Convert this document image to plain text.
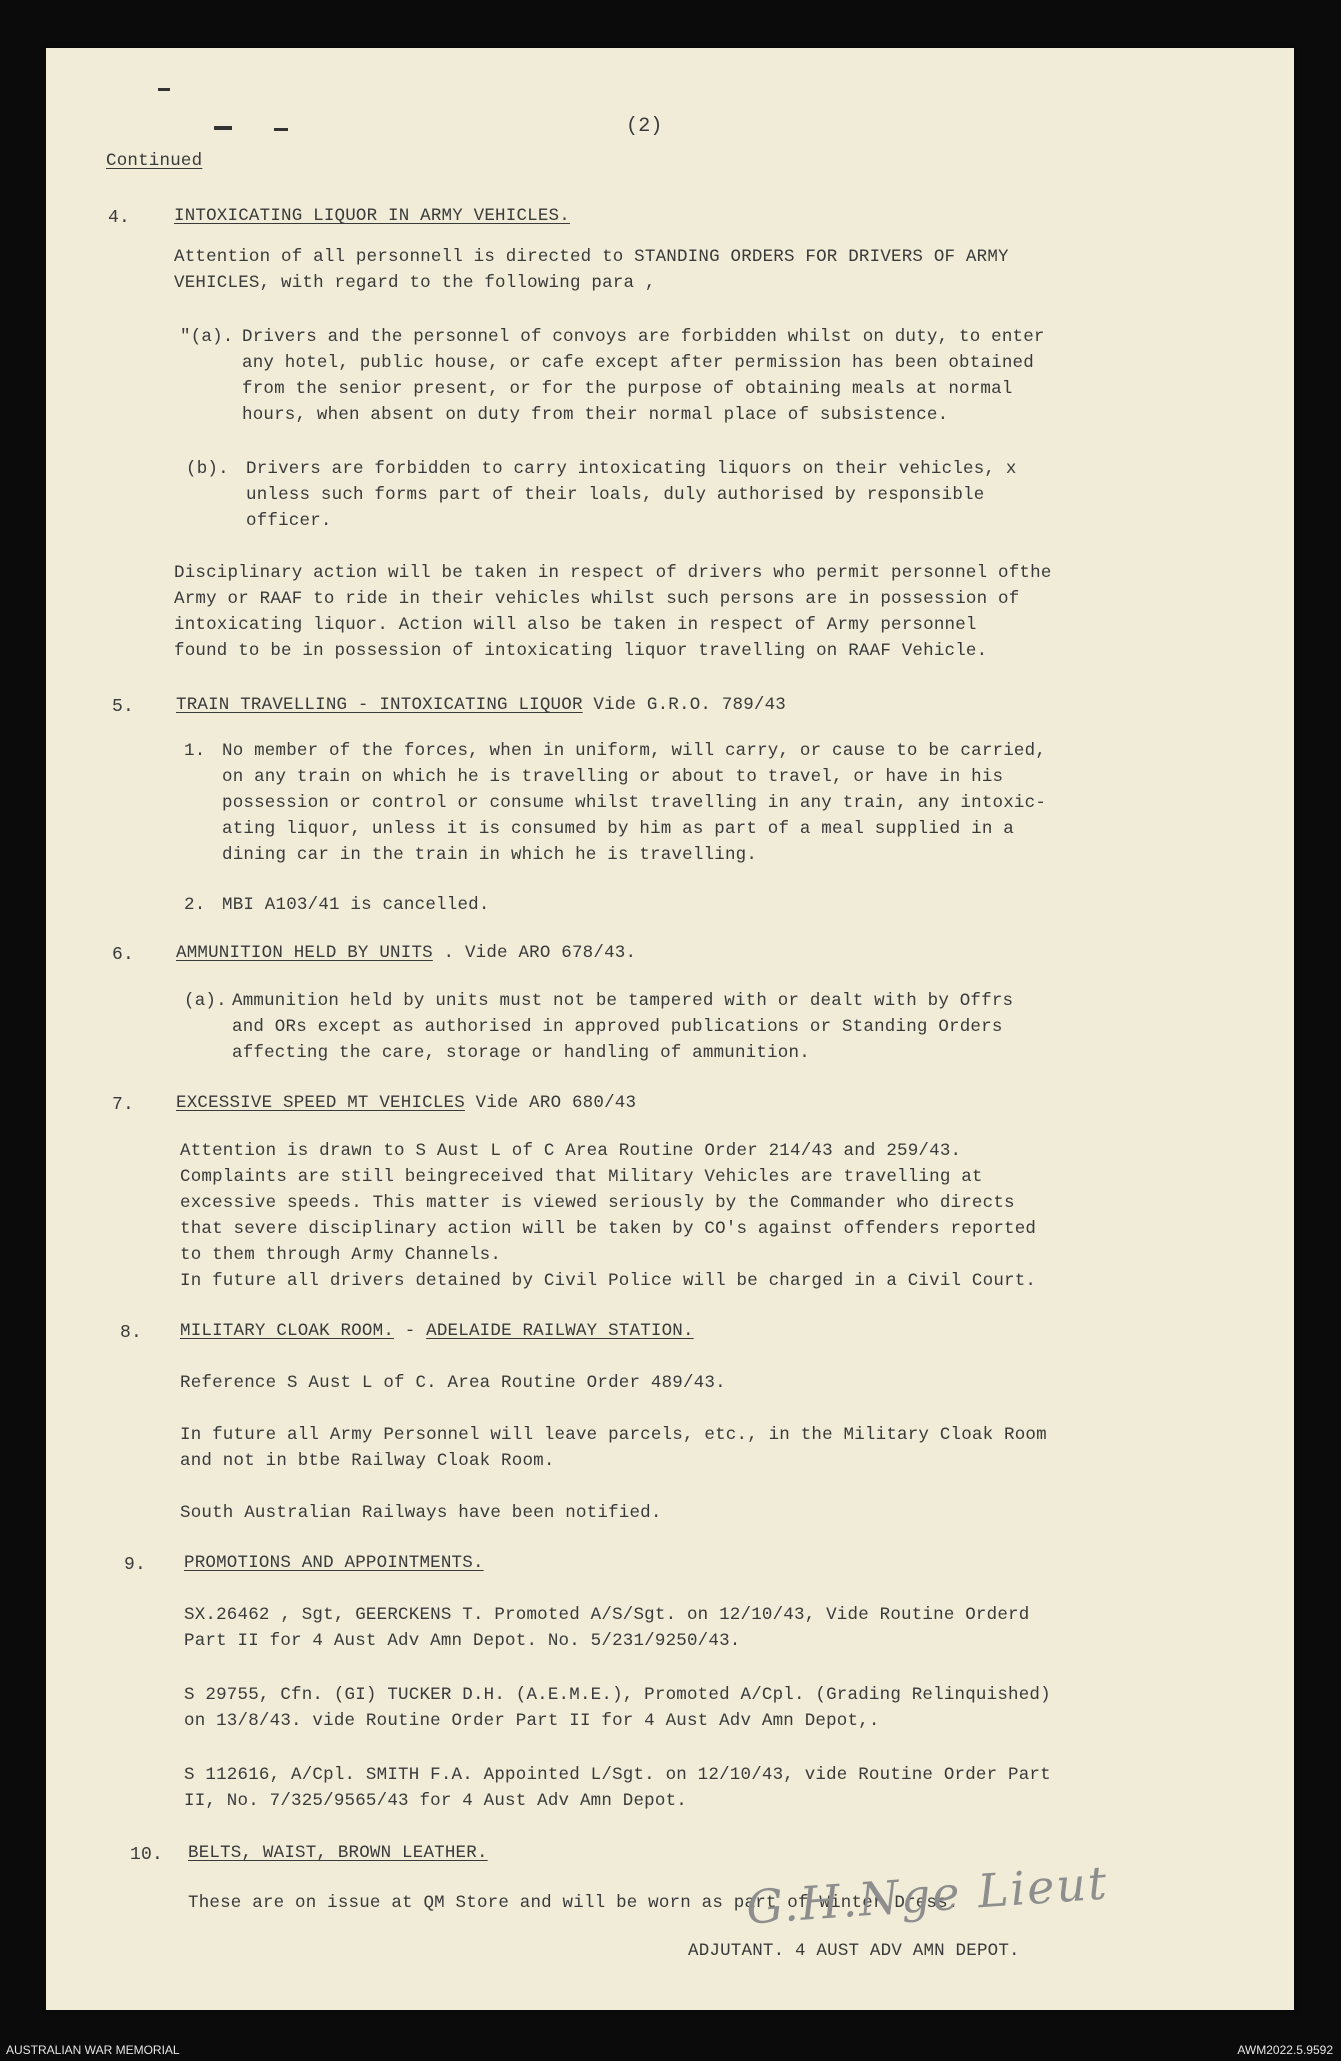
(2)
Continued
4.	INTOXICATING LIQUOR IN ARMY VEHICLES.
Attention of all personnell is directed to STANDING ORDERS FOR DRIVERS OF ARMY
VEHICLES, with regard to the following para ,
"(a). Drivers and the personnel of convoys are forbidden whilst on duty, to enter
any hotel, public house, or cafe except after permission has been obtained
from the senior present, or for the purpose of obtaining meals at normal
hours, when absent on duty from their normal place of subsistence.
(b). Drivers are forbidden to carry intoxicating liquors on their vehicles, x
unless such forms part of their loals, duly authorised by responsible
officer.
Disciplinary action will be taken in respect of drivers who permit personnel ofthe
Army or RAAF to ride in their vehicles whilst such persons are in possession of
intoxicating liquor. Action will also be taken in respect of Army personnel
found to be in possession of intoxicating liquor travelling on RAAF Vehicle.
5. TRAIN TRAVELLING - INTOXICATING LIQUOR Vide G.R.O. 789/43
1. No member of the forces, when in uniform, will carry, or cause to be carried,
on any train on which he is travelling or about to travel, or have in his
possession or control or consume whilst travelling in any train, any intoxic-
ating liquor, unless it is consumed by him as part of a meal supplied in a
dining car in the train in which he is travelling.
2. MBI A103/41 is cancelled.
6. AMMUNITION HELD BY UNITS . Vide ARO 678/43.
(a). Ammunition held by units must not be tampered with or dealt with by Offrs
and ORs except as authorised in approved publications or Standing Orders
affecting the care, storage or handling of ammunition.
7. EXCESSIVE SPEED MT VEHICLES Vide ARO 680/43
Attention is drawn to S Aust L of C Area Routine Order 214/43 and 259/43.
Complaints are still beingreceived that Military Vehicles are travelling at
excessive speeds. This matter is viewed seriously by the Commander who directs
that severe disciplinary action will be taken by CO's against offenders reported
to them through Army Channels.
In future all drivers detained by Civil Police will be charged in a Civil Court.
8. MILITARY CLOAK ROOM. - ADELAIDE RAILWAY STATION.
Reference S Aust L of C. Area Routine Order 489/43.
In future all Army Personnel will leave parcels, etc., in the Military Cloak Room
and not in btbe Railway Cloak Room.
South Australian Railways have been notified.
9. PROMOTIONS AND APPOINTMENTS.
SX.26462 , Sgt, GEERCKENS T. Promoted A/S/Sgt. on 12/10/43, Vide Routine Orderd
Part II for 4 Aust Adv Amn Depot. No. 5/231/9250/43.
S 29755, Cfn. (GI) TUCKER D.H. (A.E.M.E.), Promoted A/Cpl. (Grading Relinquished)
on 13/8/43. vide Routine Order Part II for 4 Aust Adv Amn Depot,.
S 112616, A/Cpl. SMITH F.A. Appointed L/Sgt. on 12/10/43, vide Routine Order Part
II, No. 7/325/9565/43 for 4 Aust Adv Amn Depot.
10. BELTS, WAIST, BROWN LEATHER.
These are on issue at QM Store and will be worn as part of Winter Dress.
G.H.Nge Lieut
ADJUTANT. 4 AUST ADV AMN DEPOT.
AUSTRALIAN WAR MEMORIAL	AWM2022.5.9592
